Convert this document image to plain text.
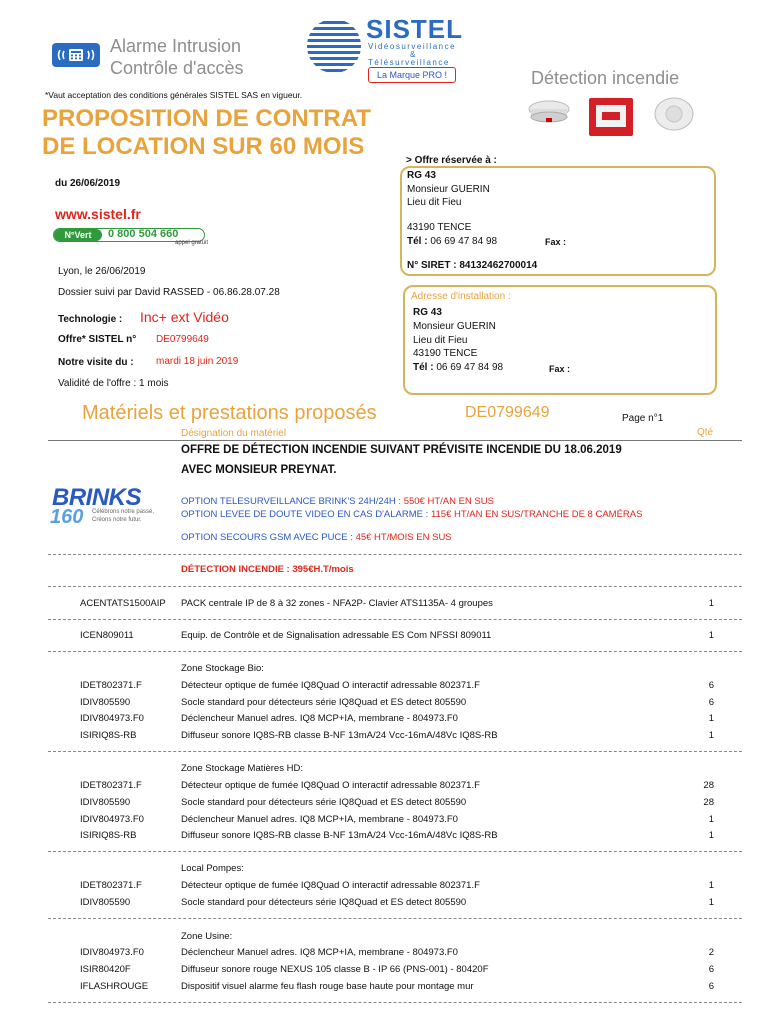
Alarme Intrusion
Contrôle d'accès
SISTEL
Vidéosurveillance
&
Télésurveillance
La Marque PRO !	Détection incendie
*Vaut acceptation des conditions générales SISTEL SAS en vigueur.
PROPOSITION DE CONTRAT
DE LOCATION SUR 60 MOIS
du 26/06/2019
www.sistel.fr
N°Vert	0 800 504 660
appel gratuit
Lyon, le 26/06/2019
Dossier suivi par David RASSED - 06.86.28.07.28
Technologie : Inc+ ext Vidéo
Offre* SISTEL n° DE0799649
Notre visite du : mardi 18 juin 2019
Validité de l'offre : 1 mois
> Offre réservée à :
RG 43
Monsieur GUERIN
Lieu dit Fieu
43190 TENCE
Tél : 06 69 47 84 98	Fax :
N° SIRET : 84132462700014
Adresse d'installation :
RG 43
Monsieur GUERIN
Lieu dit Fieu
43190 TENCE
Tél : 06 69 47 84 98	Fax :
Matériels et prestations proposés	DE0799649	Page n°1
Désignation du matériel	Qté
OFFRE DE DÉTECTION INCENDIE SUIVANT PRÉVISITE INCENDIE DU 18.06.2019
AVEC MONSIEUR PREYNAT.
BRINKS
160 Célébrons notre passé,
Créons notre futur.
OPTION TELESURVEILLANCE BRINK'S 24H/24H : 550€ HT/AN EN SUS
OPTION LEVEE DE DOUTE VIDEO EN CAS D'ALARME : 115€ HT/AN EN SUS/TRANCHE DE 8 CAMÉRAS
OPTION SECOURS GSM AVEC PUCE : 45€ HT/MOIS EN SUS
DÉTECTION INCENDIE : 395€H.T/mois
ACENTATS1500AIP PACK centrale IP de 8 à 32 zones - NFA2P- Clavier ATS1135A- 4 groupes	1
ICEN809011	Equip. de Contrôle et de Signalisation adressable ES Com NFSSI 809011	1
Zone Stockage Bio:
IDET802371.F	Détecteur optique de fumée IQ8Quad O interactif adressable 802371.F	6
IDIV805590	Socle standard pour détecteurs série IQ8Quad et ES detect 805590	6
IDIV804973.F0	Déclencheur Manuel adres. IQ8 MCP+IA, membrane - 804973.F0	1
ISIRIQ8S-RB	Diffuseur sonore IQ8S-RB classe B-NF 13mA/24 Vcc-16mA/48Vc IQ8S-RB	1
Zone Stockage Matières HD:
IDET802371.F	Détecteur optique de fumée IQ8Quad O interactif adressable 802371.F	28
IDIV805590	Socle standard pour détecteurs série IQ8Quad et ES detect 805590	28
IDIV804973.F0	Déclencheur Manuel adres. IQ8 MCP+IA, membrane - 804973.F0	1
ISIRIQ8S-RB	Diffuseur sonore IQ8S-RB classe B-NF 13mA/24 Vcc-16mA/48Vc IQ8S-RB	1
Local Pompes:
IDET802371.F	Détecteur optique de fumée IQ8Quad O interactif adressable 802371.F	1
IDIV805590	Socle standard pour détecteurs série IQ8Quad et ES detect 805590	1
Zone Usine:
IDIV804973.F0	Déclencheur Manuel adres. IQ8 MCP+IA, membrane - 804973.F0	2
ISIR80420F	Diffuseur sonore rouge NEXUS 105 classe B - IP 66 (PNS-001) - 80420F	6
IFLASHROUGE	Dispositif visuel alarme feu flash rouge base haute pour montage mur	6
